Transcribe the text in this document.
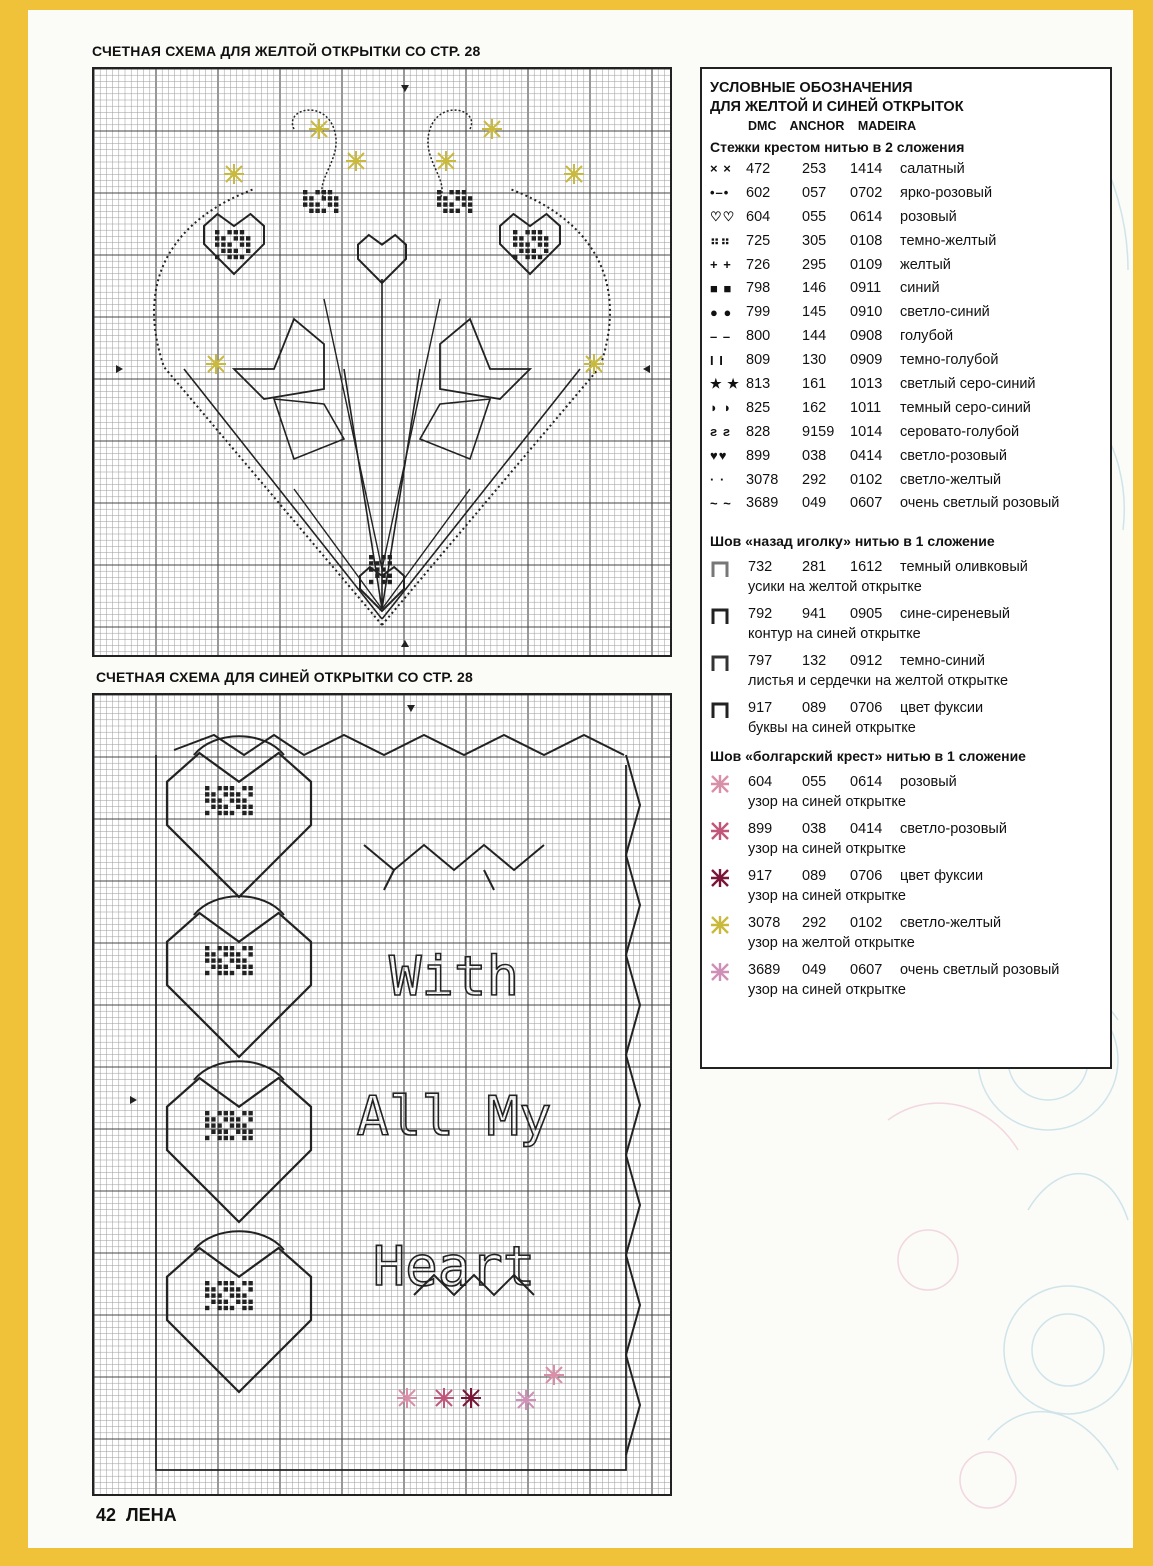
СЧЕТНАЯ СХЕМА ДЛЯ ЖЕЛТОЙ ОТКРЫТКИ СО СТР. 28
СЧЕТНАЯ СХЕМА ДЛЯ СИНЕЙ ОТКРЫТКИ СО СТР. 28
With
All My
Heart
УСЛОВНЫЕ ОБОЗНАЧЕНИЯ
ДЛЯ ЖЕЛТОЙ И СИНЕЙ ОТКРЫТОК
DMC ANCHOR MADEIRA
Стежки крестом нитью в 2 сложения
× × 472	253	1414	салатный
•–•	602	057	0702	ярко-розовый
♡♡ 604	055	0614	розовый
⠶⠶	725	305	0108	темно-желтый
+ + 726	295	0109	желтый
■ ■ 798	146	0911	синий
● ● 799	145	0910	светло-синий
– –	800	144	0908	голубой
I I	809	130	0909	темно-голубой
★ ★ 813	161	1013	светлый серо-синий
◗ ◗ 825	162	1011	темный серо-синий
ƨ ƨ	828	9159	1014	серовато-голубой
♥♥	899	038	0414	светло-розовый
· ·	3078	292	0102	светло-желтый
~ ~ 3689	049	0607	очень светлый розовый
Шов «назад иголку» нитью в 1 сложение
732 281 1612 темный оливковый
усики на желтой открытке
792 941 0905 сине-сиреневый
контур на синей открытке
797 132 0912 темно-синий
листья и сердечки на желтой открытке
917 089 0706 цвет фуксии
буквы на синей открытке
Шов «болгарский крест» нитью в 1 сложение
604 055 0614 розовый
узор на синей открытке
899 038 0414 светло-розовый
узор на синей открытке
917 089 0706 цвет фуксии
узор на синей открытке
3078 292 0102 светло-желтый
узор на желтой открытке
3689 049 0607 очень светлый розовый
узор на синей открытке
42 ЛЕНА
